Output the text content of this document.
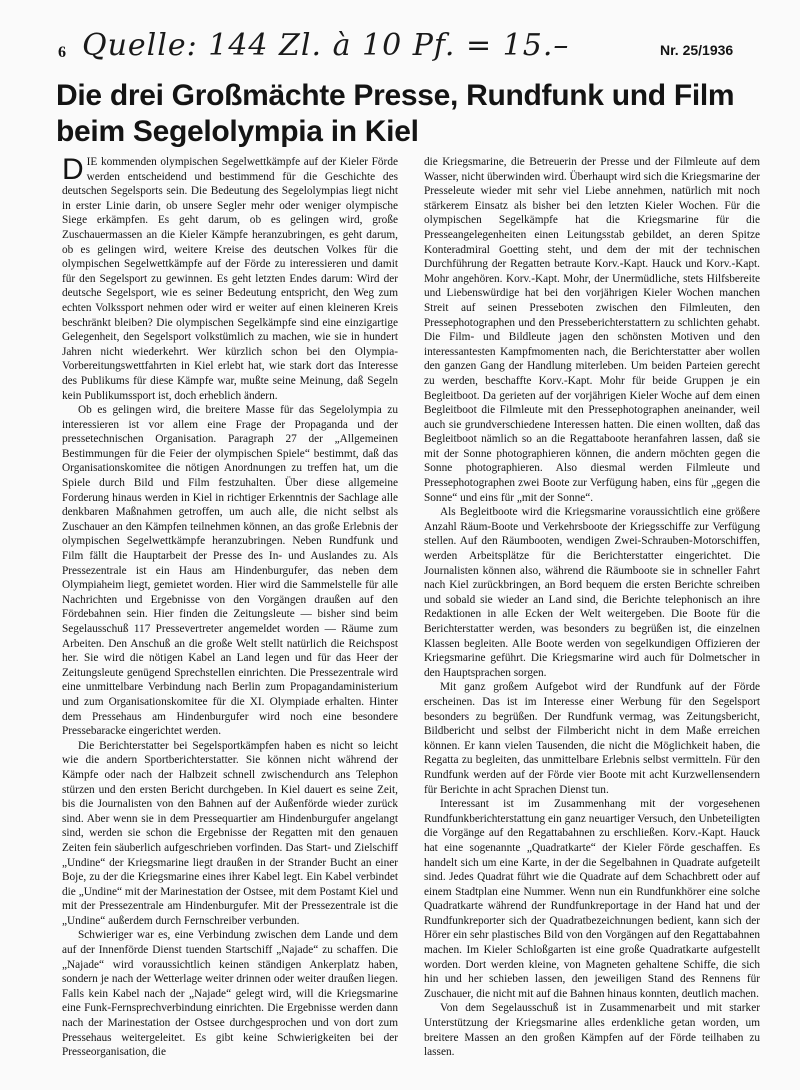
6 Quelle: 144 Zl. à 10 Pf. = 15.–	Nr. 25/1936
Die drei Großmächte Presse, Rundfunk und Film beim Segelolympia in Kiel

DIE kommenden olympischen Segelwettkämpfe auf der Kieler Förde werden entscheidend und bestimmend für die Geschichte des deutschen Segelsports sein. Die Bedeutung des Segelolympias liegt nicht in erster Linie darin, ob unsere Segler mehr oder weniger olympische Siege erkämpfen. Es geht darum, ob es gelingen wird, große Zuschauermassen an die Kieler Kämpfe heranzubringen, es geht darum, ob es gelingen wird, weitere Kreise des deutschen Volkes für die olympischen Segelwettkämpfe auf der Förde zu interessieren und damit für den Segelsport zu gewinnen. Es geht letzten Endes darum: Wird der deutsche Segelsport, wie es seiner Bedeutung entspricht, den Weg zum echten Volkssport nehmen oder wird er weiter auf einen kleineren Kreis beschränkt bleiben? Die olympischen Segelkämpfe sind eine einzigartige Gelegenheit, den Segelsport volkstümlich zu machen, wie sie in hundert Jahren nicht wiederkehrt. Wer kürzlich schon bei den Olympia-Vorbereitungswettfahrten in Kiel erlebt hat, wie stark dort das Interesse des Publikums für diese Kämpfe war, mußte seine Meinung, daß Segeln kein Publikumssport ist, doch erheblich ändern.

Ob es gelingen wird, die breitere Masse für das Segelolympia zu interessieren ist vor allem eine Frage der Propaganda und der pressetechnischen Organisation. Paragraph 27 der „Allgemeinen Bestimmungen für die Feier der olympischen Spiele“ bestimmt, daß das Organisationskomitee die nötigen Anordnungen zu treffen hat, um die Spiele durch Bild und Film festzuhalten. Über diese allgemeine Forderung hinaus werden in Kiel in richtiger Erkenntnis der Sachlage alle denkbaren Maßnahmen getroffen, um auch alle, die nicht selbst als Zuschauer an den Kämpfen teilnehmen können, an das große Erlebnis der olympischen Segelwettkämpfe heranzubringen. Neben Rundfunk und Film fällt die Hauptarbeit der Presse des In- und Auslandes zu. Als Pressezentrale ist ein Haus am Hindenburgufer, das neben dem Olympiaheim liegt, gemietet worden. Hier wird die Sammelstelle für alle Nachrichten und Ergebnisse von den Vorgängen draußen auf den Fördebahnen sein. Hier finden die Zeitungsleute — bisher sind beim Segelausschuß 117 Pressevertreter angemeldet worden — Räume zum Arbeiten. Den Anschuß an die große Welt stellt natürlich die Reichspost her. Sie wird die nötigen Kabel an Land legen und für das Heer der Zeitungsleute genügend Sprechstellen einrichten. Die Pressezentrale wird eine unmittelbare Verbindung nach Berlin zum Propagandaministerium und zum Organisationskomitee für die XI. Olympiade erhalten. Hinter dem Pressehaus am Hindenburgufer wird noch eine besondere Pressebaracke eingerichtet werden.

Die Berichterstatter bei Segelsportkämpfen haben es nicht so leicht wie die andern Sportberichterstatter. Sie können nicht während der Kämpfe oder nach der Halbzeit schnell zwischendurch ans Telephon stürzen und den ersten Bericht durchgeben. In Kiel dauert es seine Zeit, bis die Journalisten von den Bahnen auf der Außenförde wieder zurück sind. Aber wenn sie in dem Pressequartier am Hindenburgufer angelangt sind, werden sie schon die Ergebnisse der Regatten mit den genauen Zeiten fein säuberlich aufgeschrieben vorfinden. Das Start- und Zielschiff „Undine“ der Kriegsmarine liegt draußen in der Strander Bucht an einer Boje, zu der die Kriegsmarine eines ihrer Kabel legt. Ein Kabel verbindet die „Undine“ mit der Marinestation der Ostsee, mit dem Postamt Kiel und mit der Pressezentrale am Hindenburgufer. Mit der Pressezentrale ist die „Undine“ außerdem durch Fernschreiber verbunden.

Schwieriger war es, eine Verbindung zwischen dem Lande und dem auf der Innenförde Dienst tuenden Startschiff „Najade“ zu schaffen. Die „Najade“ wird voraussichtlich keinen ständigen Ankerplatz haben, sondern je nach der Wetterlage weiter drinnen oder weiter draußen liegen. Falls kein Kabel nach der „Najade“ gelegt wird, will die Kriegsmarine eine Funk-Fernsprechverbindung einrichten. Die Ergebnisse werden dann nach der Marinestation der Ostsee durchgesprochen und von dort zum Pressehaus weitergeleitet. Es gibt keine Schwierigkeiten bei der Presseorganisation, die

die Kriegsmarine, die Betreuerin der Presse und der Filmleute auf dem Wasser, nicht überwinden wird. Überhaupt wird sich die Kriegsmarine der Presseleute wieder mit sehr viel Liebe annehmen, natürlich mit noch stärkerem Einsatz als bisher bei den letzten Kieler Wochen. Für die olympischen Segelkämpfe hat die Kriegsmarine für die Presseangelegenheiten einen Leitungsstab gebildet, an deren Spitze Konteradmiral Goetting steht, und dem der mit der technischen Durchführung der Regatten betraute Korv.-Kapt. Hauck und Korv.-Kapt. Mohr angehören. Korv.-Kapt. Mohr, der Unermüdliche, stets Hilfsbereite und Liebenswürdige hat bei den vorjährigen Kieler Wochen manchen Streit auf seinen Presseboten zwischen den Filmleuten, den Pressephotographen und den Presseberichterstattern zu schlichten gehabt. Die Film- und Bildleute jagen den schönsten Motiven und den interessantesten Kampfmomenten nach, die Berichterstatter aber wollen den ganzen Gang der Handlung miterleben. Um beiden Parteien gerecht zu werden, beschaffte Korv.-Kapt. Mohr für beide Gruppen je ein Begleitboot. Da gerieten auf der vorjährigen Kieler Woche auf dem einen Begleitboot die Filmleute mit den Pressephotographen aneinander, weil auch sie grundverschiedene Interessen hatten. Die einen wollten, daß das Begleitboot nämlich so an die Regattaboote heranfahren lassen, daß sie mit der Sonne photographieren können, die andern möchten gegen die Sonne photographieren. Also diesmal werden Filmleute und Pressephotographen zwei Boote zur Verfügung haben, eins für „gegen die Sonne“ und eins für „mit der Sonne“.

Als Begleitboote wird die Kriegsmarine voraussichtlich eine größere Anzahl Räum-Boote und Verkehrsboote der Kriegsschiffe zur Verfügung stellen. Auf den Räumbooten, wendigen Zwei-Schrauben-Motorschiffen, werden Arbeitsplätze für die Berichterstatter eingerichtet. Die Journalisten können also, während die Räumboote sie in schneller Fahrt nach Kiel zurückbringen, an Bord bequem die ersten Berichte schreiben und sobald sie wieder an Land sind, die Berichte telephonisch an ihre Redaktionen in alle Ecken der Welt weitergeben. Die Boote für die Berichterstatter werden, was besonders zu begrüßen ist, die einzelnen Klassen begleiten. Alle Boote werden von segelkundigen Offizieren der Kriegsmarine geführt. Die Kriegsmarine wird auch für Dolmetscher in den Hauptsprachen sorgen.

Mit ganz großem Aufgebot wird der Rundfunk auf der Förde erscheinen. Das ist im Interesse einer Werbung für den Segelsport besonders zu begrüßen. Der Rundfunk vermag, was Zeitungsbericht, Bildbericht und selbst der Filmbericht nicht in dem Maße erreichen können. Er kann vielen Tausenden, die nicht die Möglichkeit haben, die Regatta zu begleiten, das unmittelbare Erlebnis selbst vermitteln. Für den Rundfunk werden auf der Förde vier Boote mit acht Kurzwellensendern für Berichte in acht Sprachen Dienst tun.

Interessant ist im Zusammenhang mit der vorgesehenen Rundfunkberichterstattung ein ganz neuartiger Versuch, den Unbeteiligten die Vorgänge auf den Regattabahnen zu erschließen. Korv.-Kapt. Hauck hat eine sogenannte „Quadratkarte“ der Kieler Förde geschaffen. Es handelt sich um eine Karte, in der die Segelbahnen in Quadrate aufgeteilt sind. Jedes Quadrat führt wie die Quadrate auf dem Schachbrett oder auf einem Stadtplan eine Nummer. Wenn nun ein Rundfunkhörer eine solche Quadratkarte während der Rundfunkreportage in der Hand hat und der Rundfunkreporter sich der Quadratbezeichnungen bedient, kann sich der Hörer ein sehr plastisches Bild von den Vorgängen auf den Regattabahnen machen. Im Kieler Schloßgarten ist eine große Quadratkarte aufgestellt worden. Dort werden kleine, von Magneten gehaltene Schiffe, die sich hin und her schieben lassen, den jeweiligen Stand des Rennens für Zuschauer, die nicht mit auf die Bahnen hinaus konnten, deutlich machen.

Von dem Segelausschuß ist in Zusammenarbeit und mit starker Unterstützung der Kriegsmarine alles erdenkliche getan worden, um breitere Massen an den großen Kämpfen auf der Förde teilhaben zu lassen.
